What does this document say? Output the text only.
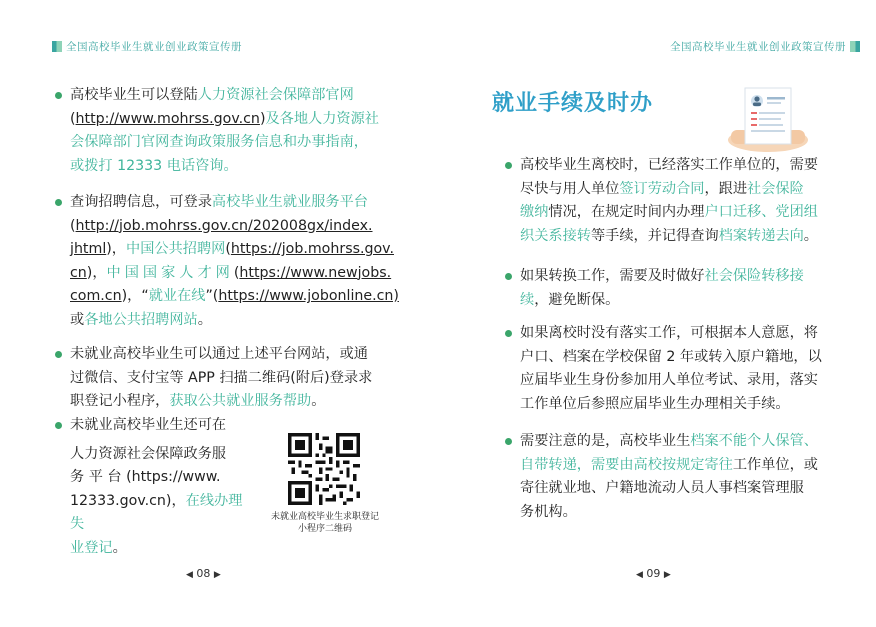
全国高校毕业生就业创业政策宣传册
高校毕业生可以登陆人力资源社会保障部官网
(http://www.mohrss.gov.cn)及各地人力资源社
会保障部门官网查询政策服务信息和办事指南，
或拨打 12333 电话咨询。
查询招聘信息，可登录高校毕业生就业服务平台
(http://job.mohrss.gov.cn/202008gx/index.
jhtml)，中国公共招聘网(https://job.mohrss.gov.
cn)，中国国家人才网(https://www.newjobs.
com.cn)，“就业在线”(https://www.jobonline.cn)
或各地公共招聘网站。
未就业高校毕业生可以通过上述平台网站，或通
过微信、支付宝等 APP 扫描二维码(附后)登录求
职登记小程序，获取公共就业服务帮助。
未就业高校毕业生还可在
人力资源社会保障政务服
务 平 台 (https://www.
12333.gov.cn)，在线办理失
业登记。
未就业高校毕业生求职登记
小程序二维码
◀ 08 ▶
全国高校毕业生就业创业政策宣传册
就业手续及时办
高校毕业生离校时，已经落实工作单位的，需要
尽快与用人单位签订劳动合同，跟进社会保险
缴纳情况，在规定时间内办理户口迁移、党团组
织关系接转等手续，并记得查询档案转递去向。
如果转换工作，需要及时做好社会保险转移接
续，避免断保。
如果离校时没有落实工作，可根据本人意愿，将
户口、档案在学校保留 2 年或转入原户籍地，以
应届毕业生身份参加用人单位考试、录用，落实
工作单位后参照应届毕业生办理相关手续。
需要注意的是，高校毕业生档案不能个人保管、
自带转递，需要由高校按规定寄往工作单位，或
寄往就业地、户籍地流动人员人事档案管理服
务机构。
◀ 09 ▶
